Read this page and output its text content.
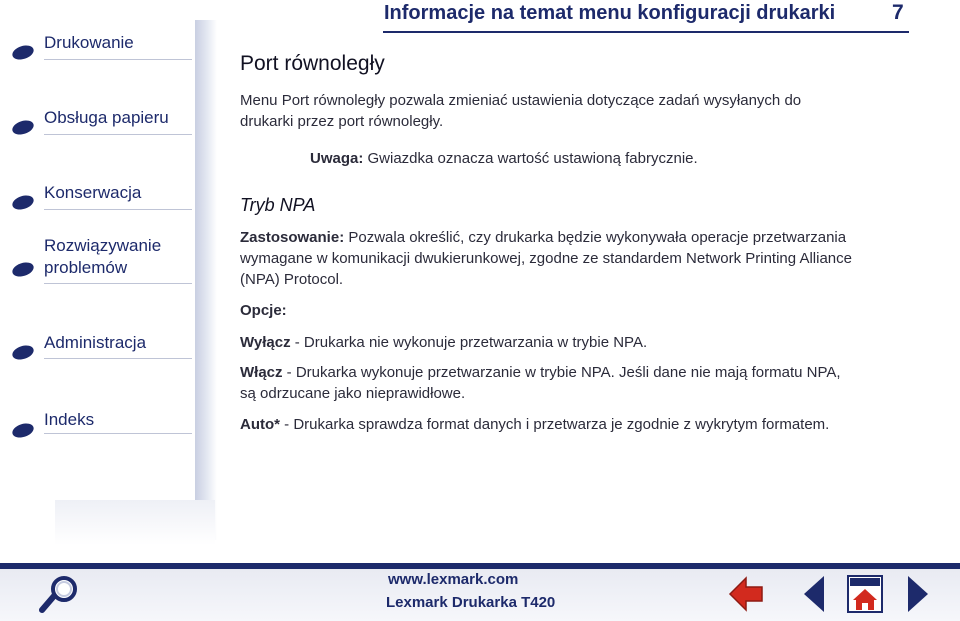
Drukowanie
Obsługa papieru
Konserwacja
Rozwiązywanie
problemów
Administracja
Indeks
Informacje na temat menu konfiguracji drukarki	7
Port równoległy
Menu Port równoległy pozwala zmieniać ustawienia dotyczące zadań wysyłanych do
drukarki przez port równoległy.
Uwaga: Gwiazdka oznacza wartość ustawioną fabrycznie.
Tryb NPA
Zastosowanie: Pozwala określić, czy drukarka będzie wykonywała operacje przetwarzania
wymagane w komunikacji dwukierunkowej, zgodne ze standardem Network Printing Alliance
(NPA) Protocol.
Opcje:
Wyłącz - Drukarka nie wykonuje przetwarzania w trybie NPA.
Włącz - Drukarka wykonuje przetwarzanie w trybie NPA. Jeśli dane nie mają formatu NPA,
są odrzucane jako nieprawidłowe.
Auto* - Drukarka sprawdza format danych i przetwarza je zgodnie z wykrytym formatem.
www.lexmark.com
Lexmark Drukarka T420
